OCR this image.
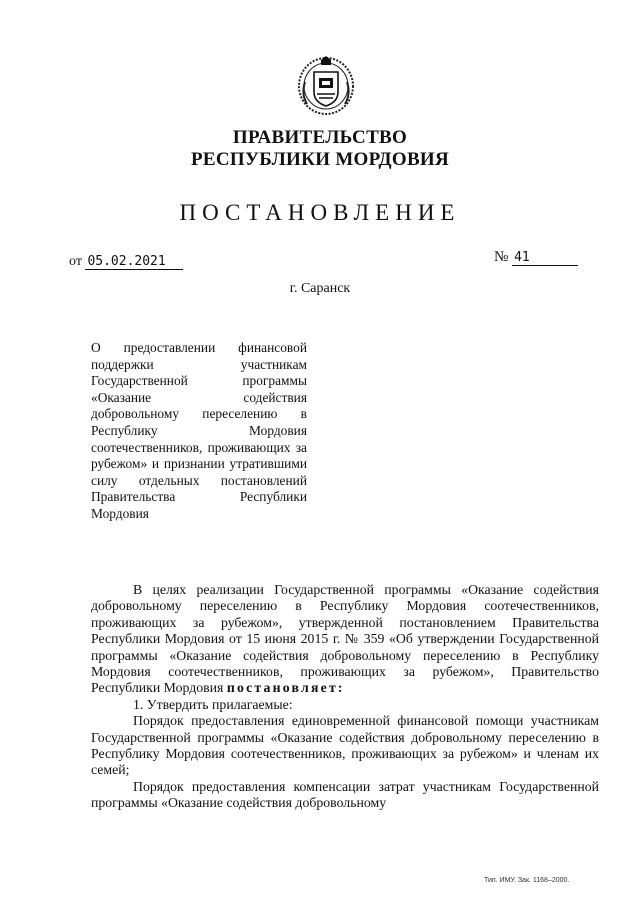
ПРАВИТЕЛЬСТВО
РЕСПУБЛИКИ МОРДОВИЯ
ПОСТАНОВЛЕНИЕ
от 05.02.2021	№ 41
г. Саранск
О предоставлении финансовой поддержки участникам Государственной программы «Оказание содействия добровольному переселению в Республику Мордовия соотечественников, проживающих за рубежом» и признании утратившими силу отдельных постановлений Правительства Республики Мордовия
В целях реализации Государственной программы «Оказание содействия добровольному переселению в Республику Мордовия соотечественников, проживающих за рубежом», утвержденной постановлением Правительства Республики Мордовия от 15 июня 2015 г. № 359 «Об утверждении Государственной программы «Оказание содействия добровольному переселению в Республику Мордовия соотечественников, проживающих за рубежом», Правительство Республики Мордовия постановляет:
1. Утвердить прилагаемые:
Порядок предоставления единовременной финансовой помощи участникам Государственной программы «Оказание содействия добровольному переселению в Республику Мордовия соотечественников, проживающих за рубежом» и членам их семей;
Порядок предоставления компенсации затрат участникам Государственной программы «Оказание содействия добровольному
Тип. ИМУ. Зак. 1168–2000.
